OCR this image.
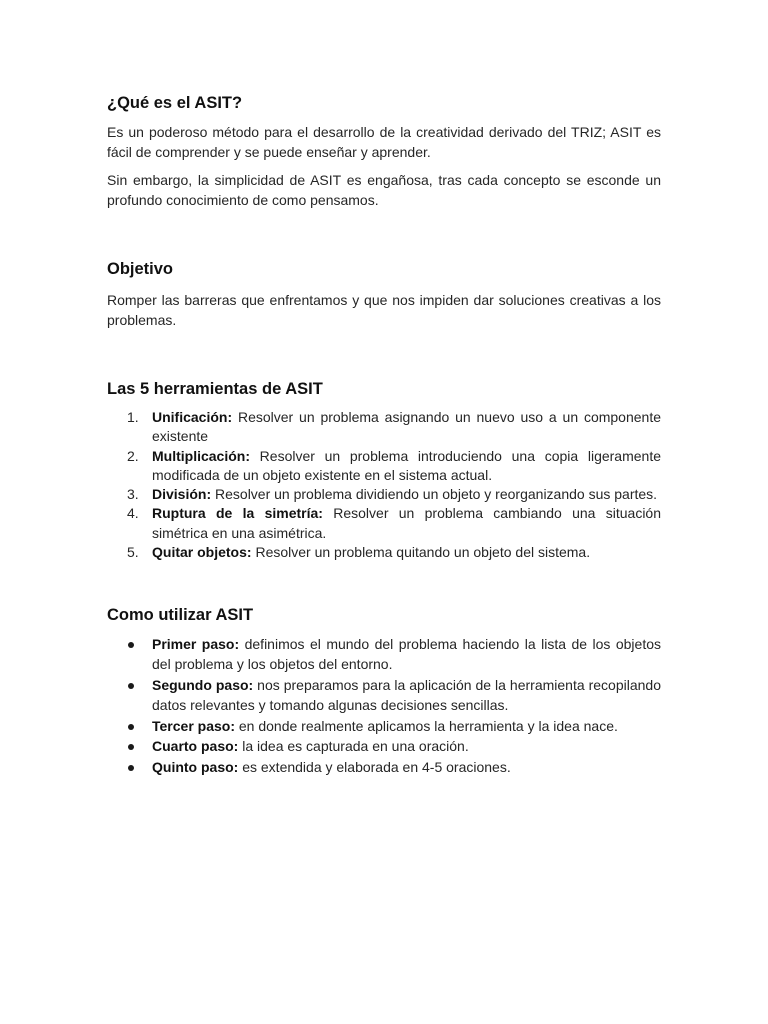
¿Qué es el ASIT?

Es un poderoso método para el desarrollo de la creatividad derivado del TRIZ; ASIT es fácil de comprender y se puede enseñar y aprender.

Sin embargo, la simplicidad de ASIT es engañosa, tras cada concepto se esconde un profundo conocimiento de como pensamos.

Objetivo

Romper las barreras que enfrentamos y que nos impiden dar soluciones creativas a los problemas.

Las 5 herramientas de ASIT
1. Unificación: Resolver un problema asignando un nuevo uso a un componente existente
2. Multiplicación: Resolver un problema introduciendo una copia ligeramente modificada de un objeto existente en el sistema actual.
3. División: Resolver un problema dividiendo un objeto y reorganizando sus partes.
4. Ruptura de la simetría: Resolver un problema cambiando una situación simétrica en una asimétrica.
5. Quitar objetos: Resolver un problema quitando un objeto del sistema.
Como utilizar ASIT
Primer paso: definimos el mundo del problema haciendo la lista de los objetos del problema y los objetos del entorno.
Segundo paso: nos preparamos para la aplicación de la herramienta recopilando datos relevantes y tomando algunas decisiones sencillas.
Tercer paso: en donde realmente aplicamos la herramienta y la idea nace.
Cuarto paso: la idea es capturada en una oración.
Quinto paso: es extendida y elaborada en 4-5 oraciones.
